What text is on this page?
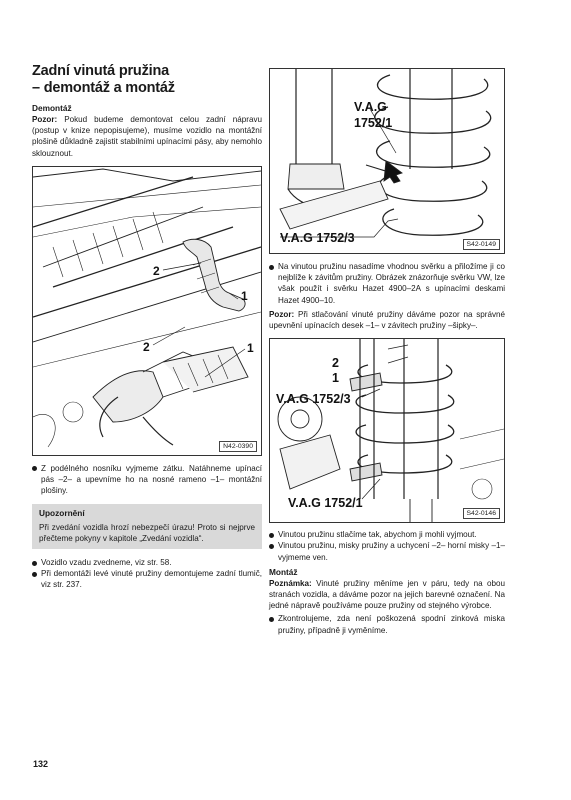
Zadní vinutá pružina
– demontáž a montáž
Demontáž

Pozor: Pokud budeme demontovat celou zadní nápravu (postup v knize nepopisujeme), musíme vozidlo na montážní plošině důkladně zajistit stabilními upínacími pásy, aby nemohlo sklouznout.

2
1
2	1
N42-0390
Z podélného nosníku vyjmeme zátku. Natáhneme upínací pás –2– a upevníme ho na nosné rameno –1– montážní plošiny.
Upozornění

Při zvedání vozidla hrozí nebezpečí úrazu! Proto si nejprve přečteme pokyny v kapitole „Zvedání vozidla“.

Vozidlo vzadu zvedneme, viz str. 58.
Při demontáži levé vinuté pružiny demontujeme zadní tlumič, viz str. 237.
V.A.G
1752/1
V.A.G 1752/3	S42-0149
Na vinutou pružinu nasadíme vhodnou svěrku a přiložíme ji co nejblíže k závitům pružiny. Obrázek znázorňuje svěrku VW, lze však použít i svěrku Hazet 4900–2A s upínacími deskami Hazet 4900–10.

Pozor: Při stlačování vinuté pružiny dáváme pozor na správné upevnění upínacích desek –1– v závitech pružiny –šipky–.

2
1
V.A.G 1752/3
V.A.G 1752/1
S42-0146
Vinutou pružinu stlačíme tak, abychom ji mohli vyjmout.
Vinutou pružinu, misky pružiny a uchycení –2– horní misky –1– vyjmeme ven.
Montáž

Poznámka: Vinuté pružiny měníme jen v páru, tedy na obou stranách vozidla, a dáváme pozor na jejich barevné označení. Na jedné nápravě používáme pouze pružiny od stejného výrobce.

Zkontrolujeme, zda není poškozená spodní zinková miska pružiny, případně ji vyměníme.
132
